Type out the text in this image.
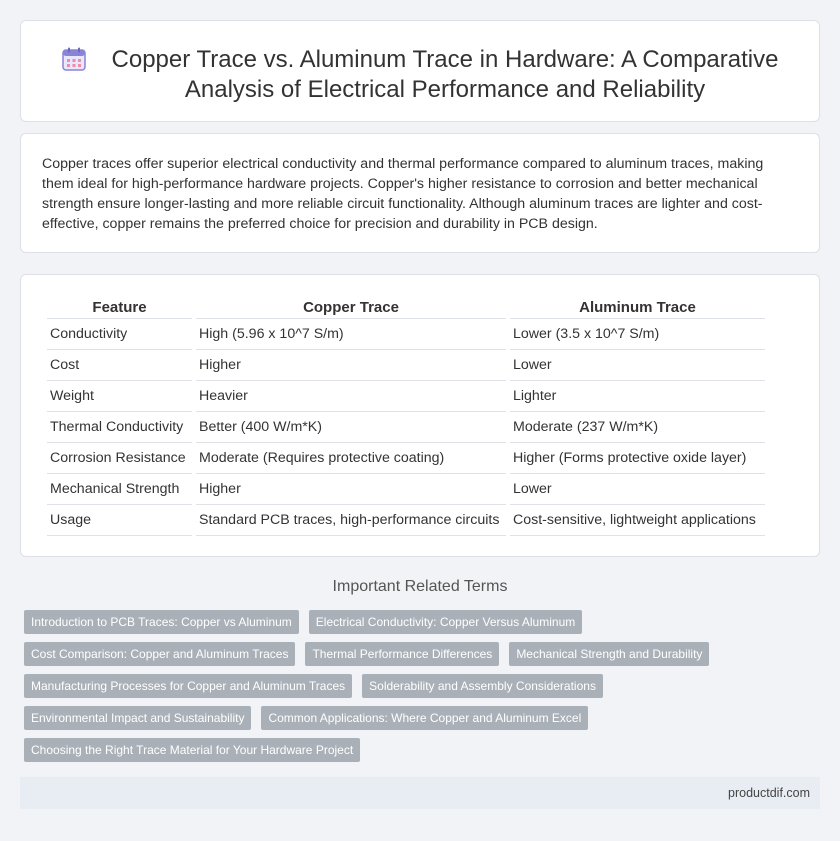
Copper Trace vs. Aluminum Trace in Hardware: A Comparative Analysis of Electrical Performance and Reliability

Copper traces offer superior electrical conductivity and thermal performance compared to aluminum traces, making them ideal for high-performance hardware projects. Copper's higher resistance to corrosion and better mechanical strength ensure longer-lasting and more reliable circuit functionality. Although aluminum traces are lighter and cost-effective, copper remains the preferred choice for precision and durability in PCB design.

Feature	Copper Trace	Aluminum Trace
Conductivity	High (5.96 x 10^7 S/m)	Lower (3.5 x 10^7 S/m)
Cost	Higher	Lower
Weight	Heavier	Lighter
Thermal Conductivity	Better (400 W/m*K)	Moderate (237 W/m*K)
Corrosion Resistance	Moderate (Requires protective coating)	Higher (Forms protective oxide layer)
Mechanical Strength	Higher	Lower
Usage	Standard PCB traces, high-performance circuits	Cost-sensitive, lightweight applications
Important Related Terms
Introduction to PCB Traces: Copper vs Aluminum	Electrical Conductivity: Copper Versus Aluminum
Cost Comparison: Copper and Aluminum Traces	Thermal Performance Differences	Mechanical Strength and Durability
Manufacturing Processes for Copper and Aluminum Traces	Solderability and Assembly Considerations
Environmental Impact and Sustainability	Common Applications: Where Copper and Aluminum Excel
Choosing the Right Trace Material for Your Hardware Project
productdif.com
